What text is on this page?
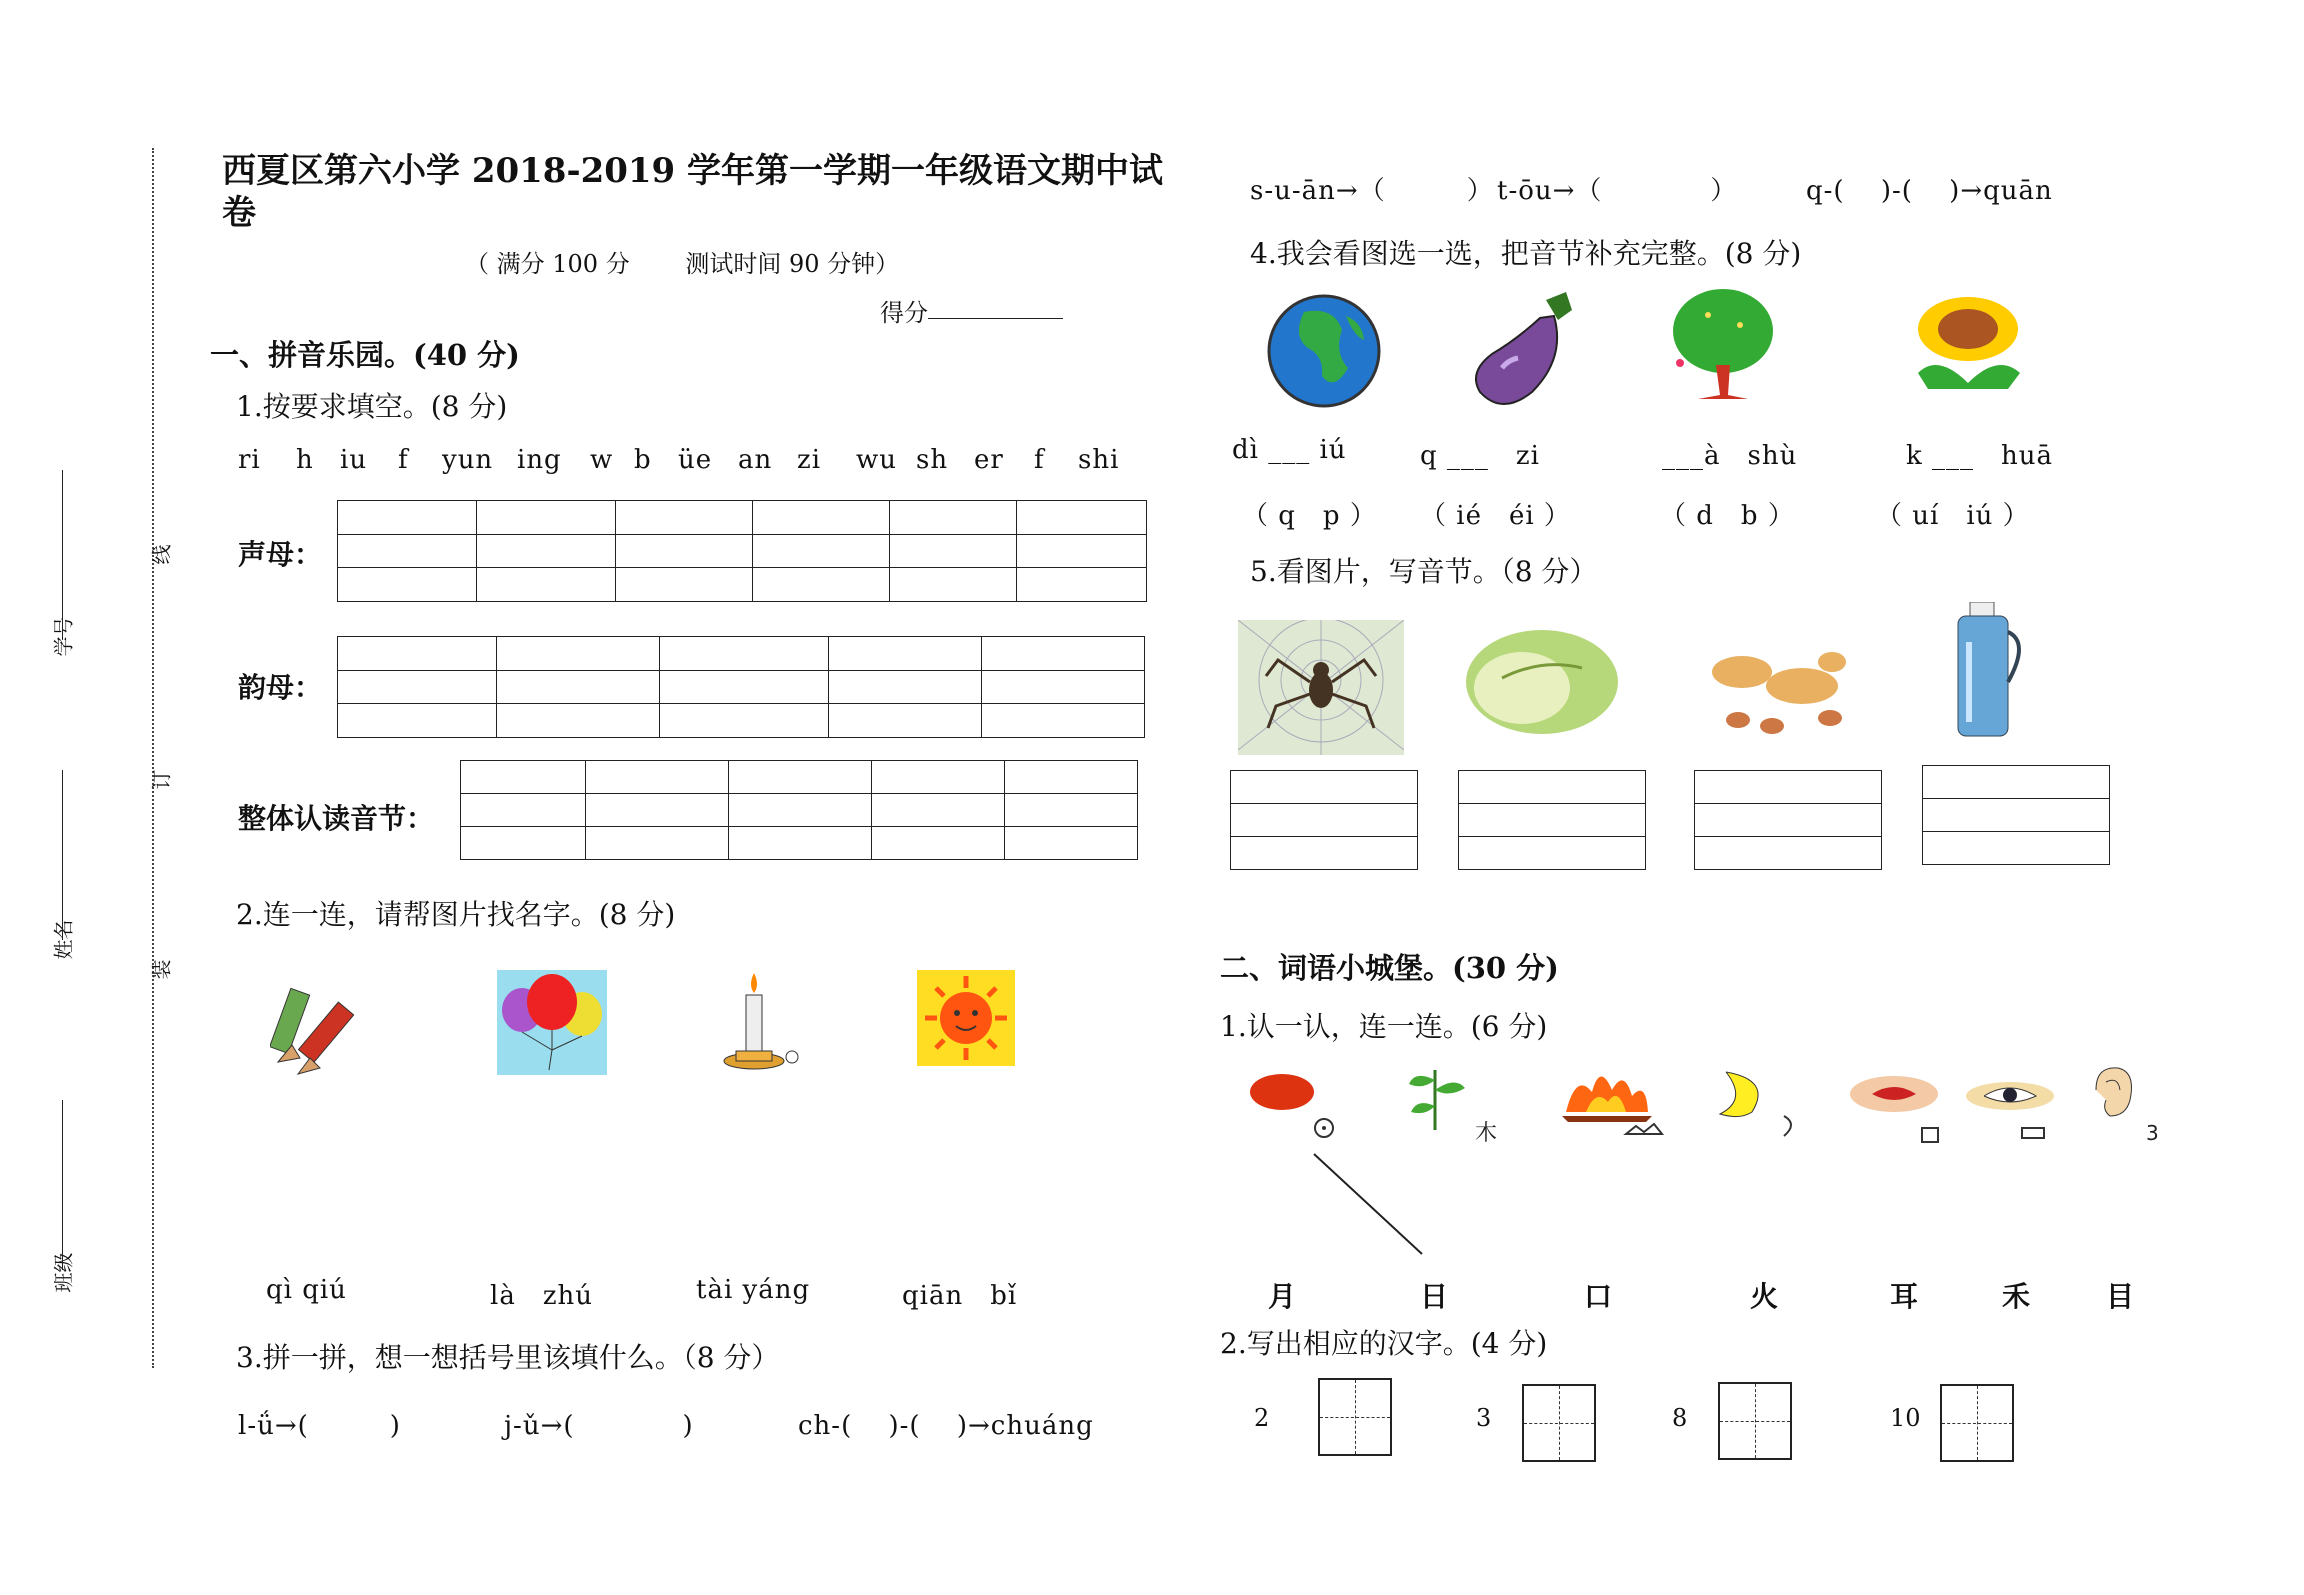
线
订
装
学号
姓名
班级
西夏区第六小学 2018-2019 学年第一学期一年级语文期中试
卷
（ 满分 100 分　　 测试时间 90 分钟）
得分
一、拼音乐园。(40 分)
1.按要求填空。(8 分)
ri h iu f yun ing w b üe an zi wu sh er f shi
声母：

韵母：

整体认读音节：

2.连一连，请帮图片找名字。(8 分)
qì qiú	là　zhú	tài yáng	qiān　bǐ
3.拼一拼，想一想括号里该填什么。（8 分）
l-ǘ→(　　　)	j-ǔ→(　　　　)	ch-(　 )-(　 )→chuáng
s-u-ān→（　　　） t-ōu→（　　　　）	q-(　 )-(　 )→quān
4.我会看图选一选，把音节补充完整。(8 分)
dì ___ iú	q ___　zi	___à　shù	k ___　huā
（ q　p ） （ ié　éi ）	（ d　b ）	（ uí　iú ）
5.看图片，写音节。（8 分）

二、词语小城堡。(30 分)
1.认一认，连一连。(6 分)
木	3
月	日	口	火	耳	禾	目
2.写出相应的汉字。(4 分)
2	3	8	10
